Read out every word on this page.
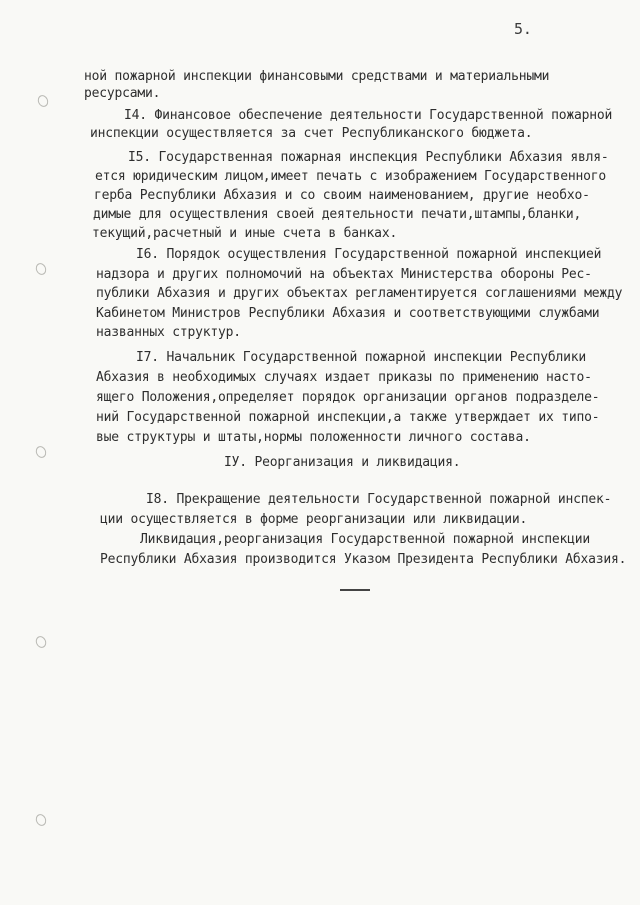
5.
ной пожарной инспекции финансовыми средствами и материальными
ресурсами.
I4. Финансовое обеспечение деятельности Государственной пожарной
инспекции осуществляется за счет Республиканского бюджета.
I5. Государственная пожарная инспекция Республики Абхазия явля-
ется юридическим лицом,имеет печать с изображением Государственного
герба Республики Абхазия и со своим наименованием, другие необхо-
димые для осуществления своей деятельности печати,штампы,бланки,
текущий,расчетный и иные счета в банках.
I6. Порядок осуществления Государственной пожарной инспекцией
надзора и других полномочий на объектах Министерства обороны Рес-
публики Абхазия и других объектах регламентируется соглашениями между
Кабинетом Министров Республики Абхазия и соответствующими службами
названных структур.
I7. Начальник Государственной пожарной инспекции Республики
Абхазия в необходимых случаях издает приказы по применению насто-
ящего Положения,определяет порядок организации органов подразделе-
ний Государственной пожарной инспекции,а также утверждает их типо-
вые структуры и штаты,нормы положенности личного состава.
IУ. Реорганизация и ликвидация.
I8. Прекращение деятельности Государственной пожарной инспек-
ции осуществляется в форме реорганизации или ликвидации.
Ликвидация,реорганизация Государственной пожарной инспекции
Республики Абхазия производится Указом Президента Республики Абхазия.
